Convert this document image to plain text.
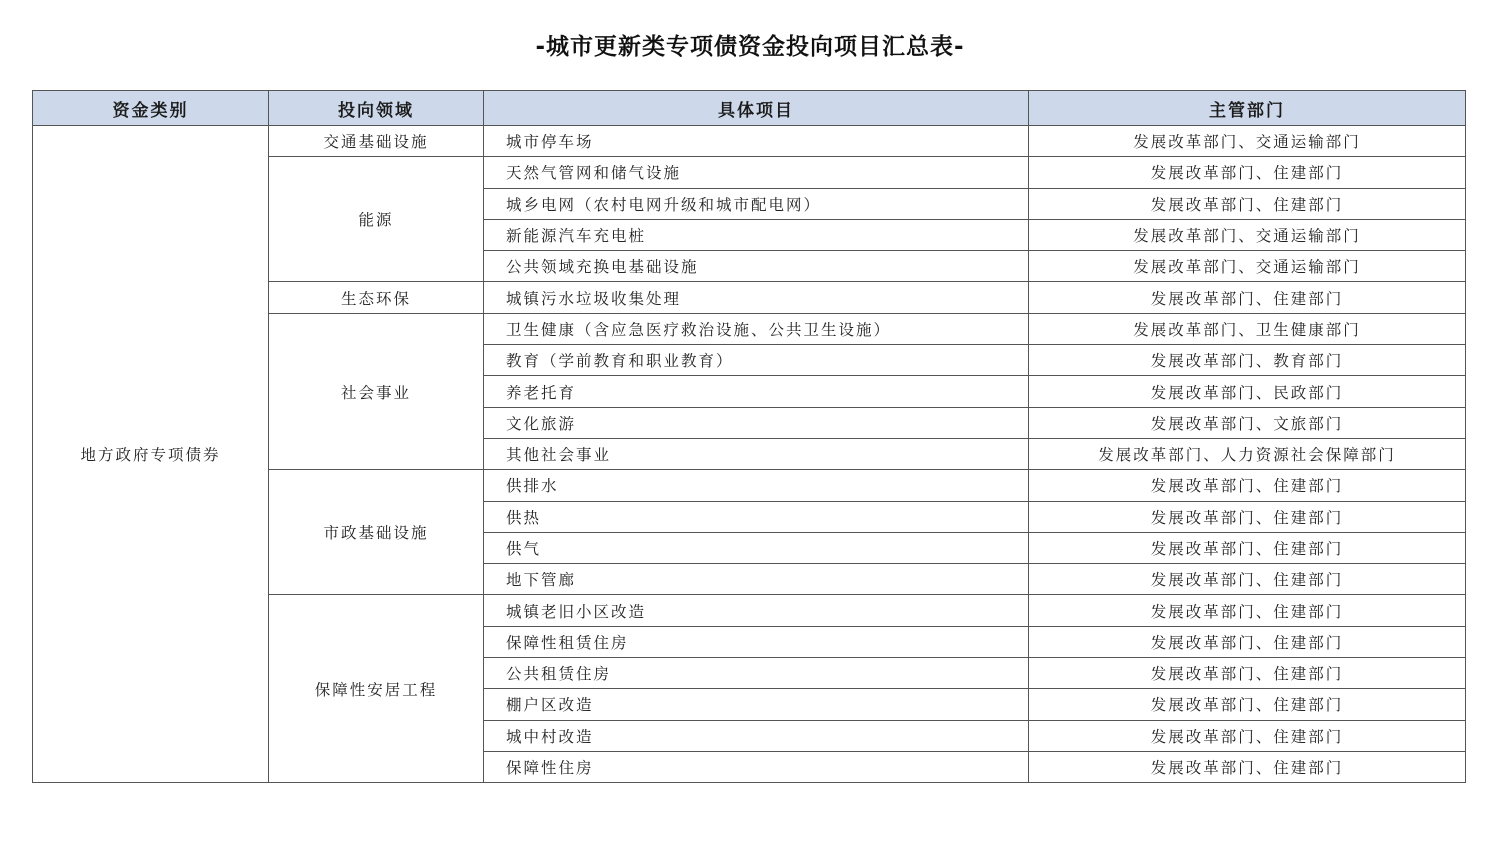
-城市更新类专项债资金投向项目汇总表-
资金类别	投向领域	具体项目	主管部门
地方政府专项债券	交通基础设施	城市停车场	发展改革部门、交通运输部门
	能源	天然气管网和储气设施	发展改革部门、住建部门
		城乡电网（农村电网升级和城市配电网）	发展改革部门、住建部门
		新能源汽车充电桩	发展改革部门、交通运输部门
		公共领域充换电基础设施	发展改革部门、交通运输部门
	生态环保	城镇污水垃圾收集处理	发展改革部门、住建部门
	社会事业	卫生健康（含应急医疗救治设施、公共卫生设施）	发展改革部门、卫生健康部门
		教育（学前教育和职业教育）	发展改革部门、教育部门
		养老托育	发展改革部门、民政部门
		文化旅游	发展改革部门、文旅部门
		其他社会事业	发展改革部门、人力资源社会保障部门
	市政基础设施	供排水	发展改革部门、住建部门
		供热	发展改革部门、住建部门
		供气	发展改革部门、住建部门
		地下管廊	发展改革部门、住建部门
	保障性安居工程	城镇老旧小区改造	发展改革部门、住建部门
		保障性租赁住房	发展改革部门、住建部门
		公共租赁住房	发展改革部门、住建部门
		棚户区改造	发展改革部门、住建部门
		城中村改造	发展改革部门、住建部门
		保障性住房	发展改革部门、住建部门
